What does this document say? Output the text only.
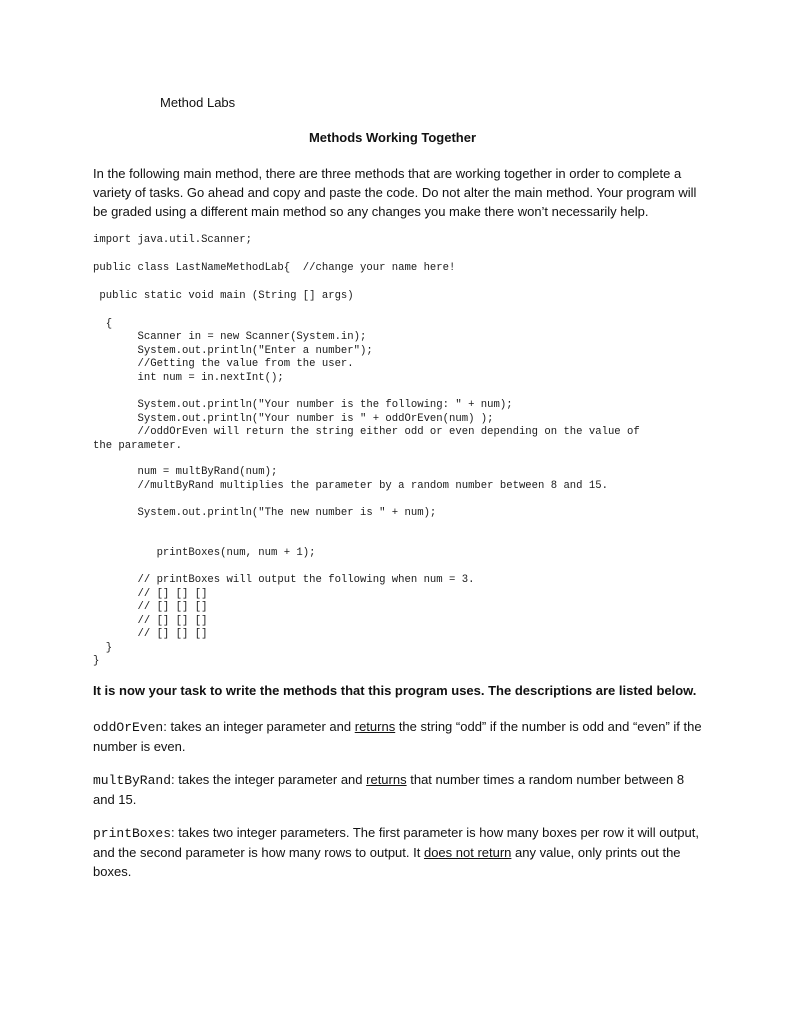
Method Labs
Methods Working Together

In the following main method, there are three methods that are working together in order to complete a variety of tasks. Go ahead and copy and paste the code. Do not alter the main method. Your program will be graded using a different main method so any changes you make there won’t necessarily help.

import java.util.Scanner;
public class LastNameMethodLab{  //change your name here!
public static void main (String [] args)
{
Scanner in = new Scanner(System.in);
System.out.println("Enter a number");
//Getting the value from the user.
int num = in.nextInt();
System.out.println("Your number is the following: " + num);
System.out.println("Your number is " + oddOrEven(num) );
//oddOrEven will return the string either odd or even depending on the value of
the parameter.
num = multByRand(num);
//multByRand multiplies the parameter by a random number between 8 and 15.
System.out.println("The new number is " + num);
printBoxes(num, num + 1);
// printBoxes will output the following when num = 3.
// [] [] []
// [] [] []
// [] [] []
// [] [] []
}
}

It is now your task to write the methods that this program uses. The descriptions are listed below.

oddOrEven: takes an integer parameter and returns the string “odd” if the number is odd and “even” if the number is even.

multByRand: takes the integer parameter and returns that number times a random number between 8 and 15.

printBoxes: takes two integer parameters. The first parameter is how many boxes per row it will output, and the second parameter is how many rows to output. It does not return any value, only prints out the boxes.
